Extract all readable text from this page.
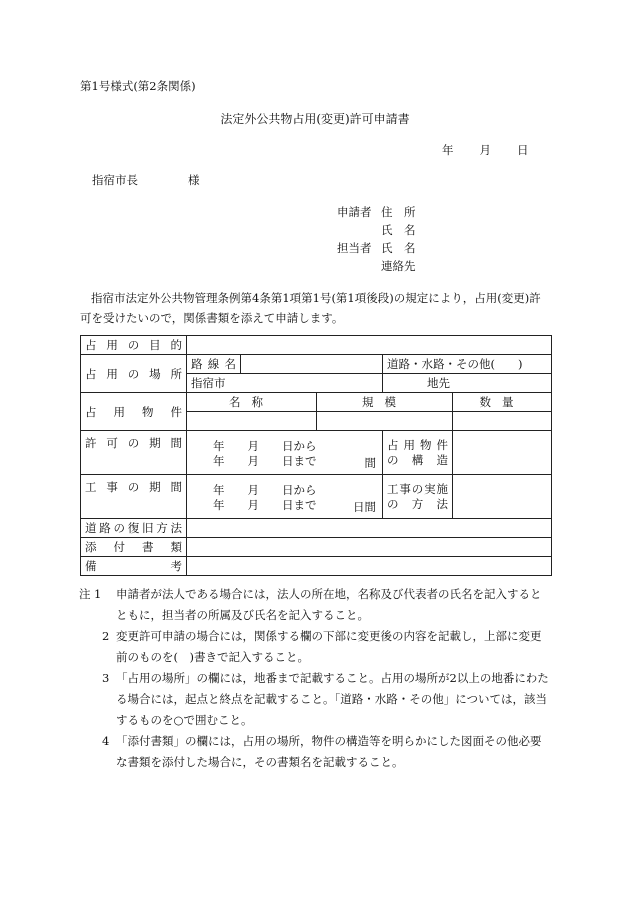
第1号様式(第2条関係)
法定外公共物占用(変更)許可申請書
年 月 日
指宿市長	様
申請者 住　所
氏　名
担当者 氏　名
連絡先
指宿市法定外公共物管理条例第4条第1項第1号(第1項後段)の規定により，占用(変更)許可を受けたいので，関係書類を添えて申請します。
占用の目的					
占用の場所	路線名			道路・水路・その他(　　)	
	指宿市			地先	
占用物件	名称		規模		数量

許可の期間	年　　月　　日から
年　　月　　日まで 間			占用物件
の構造	

工事の期間	年　　月　　日から
年　　月　　日まで 日間			工事の実施
の方法	

道路の復旧方法					
添付書類					
備考					
注 1	申請者が法人である場合には，法人の所在地，名称及び代表者の氏名を記入するとともに，担当者の所属及び氏名を記入すること。
2 変更許可申請の場合には，関係する欄の下部に変更後の内容を記載し，上部に変更前のものを(　)書きで記入すること。
3 「占用の場所」の欄には，地番まで記載すること。占用の場所が2以上の地番にわたる場合には，起点と終点を記載すること。「道路・水路・その他」については，該当するものを○で囲むこと。
4 「添付書類」の欄には，占用の場所，物件の構造等を明らかにした図面その他必要な書類を添付した場合に，その書類名を記載すること。
